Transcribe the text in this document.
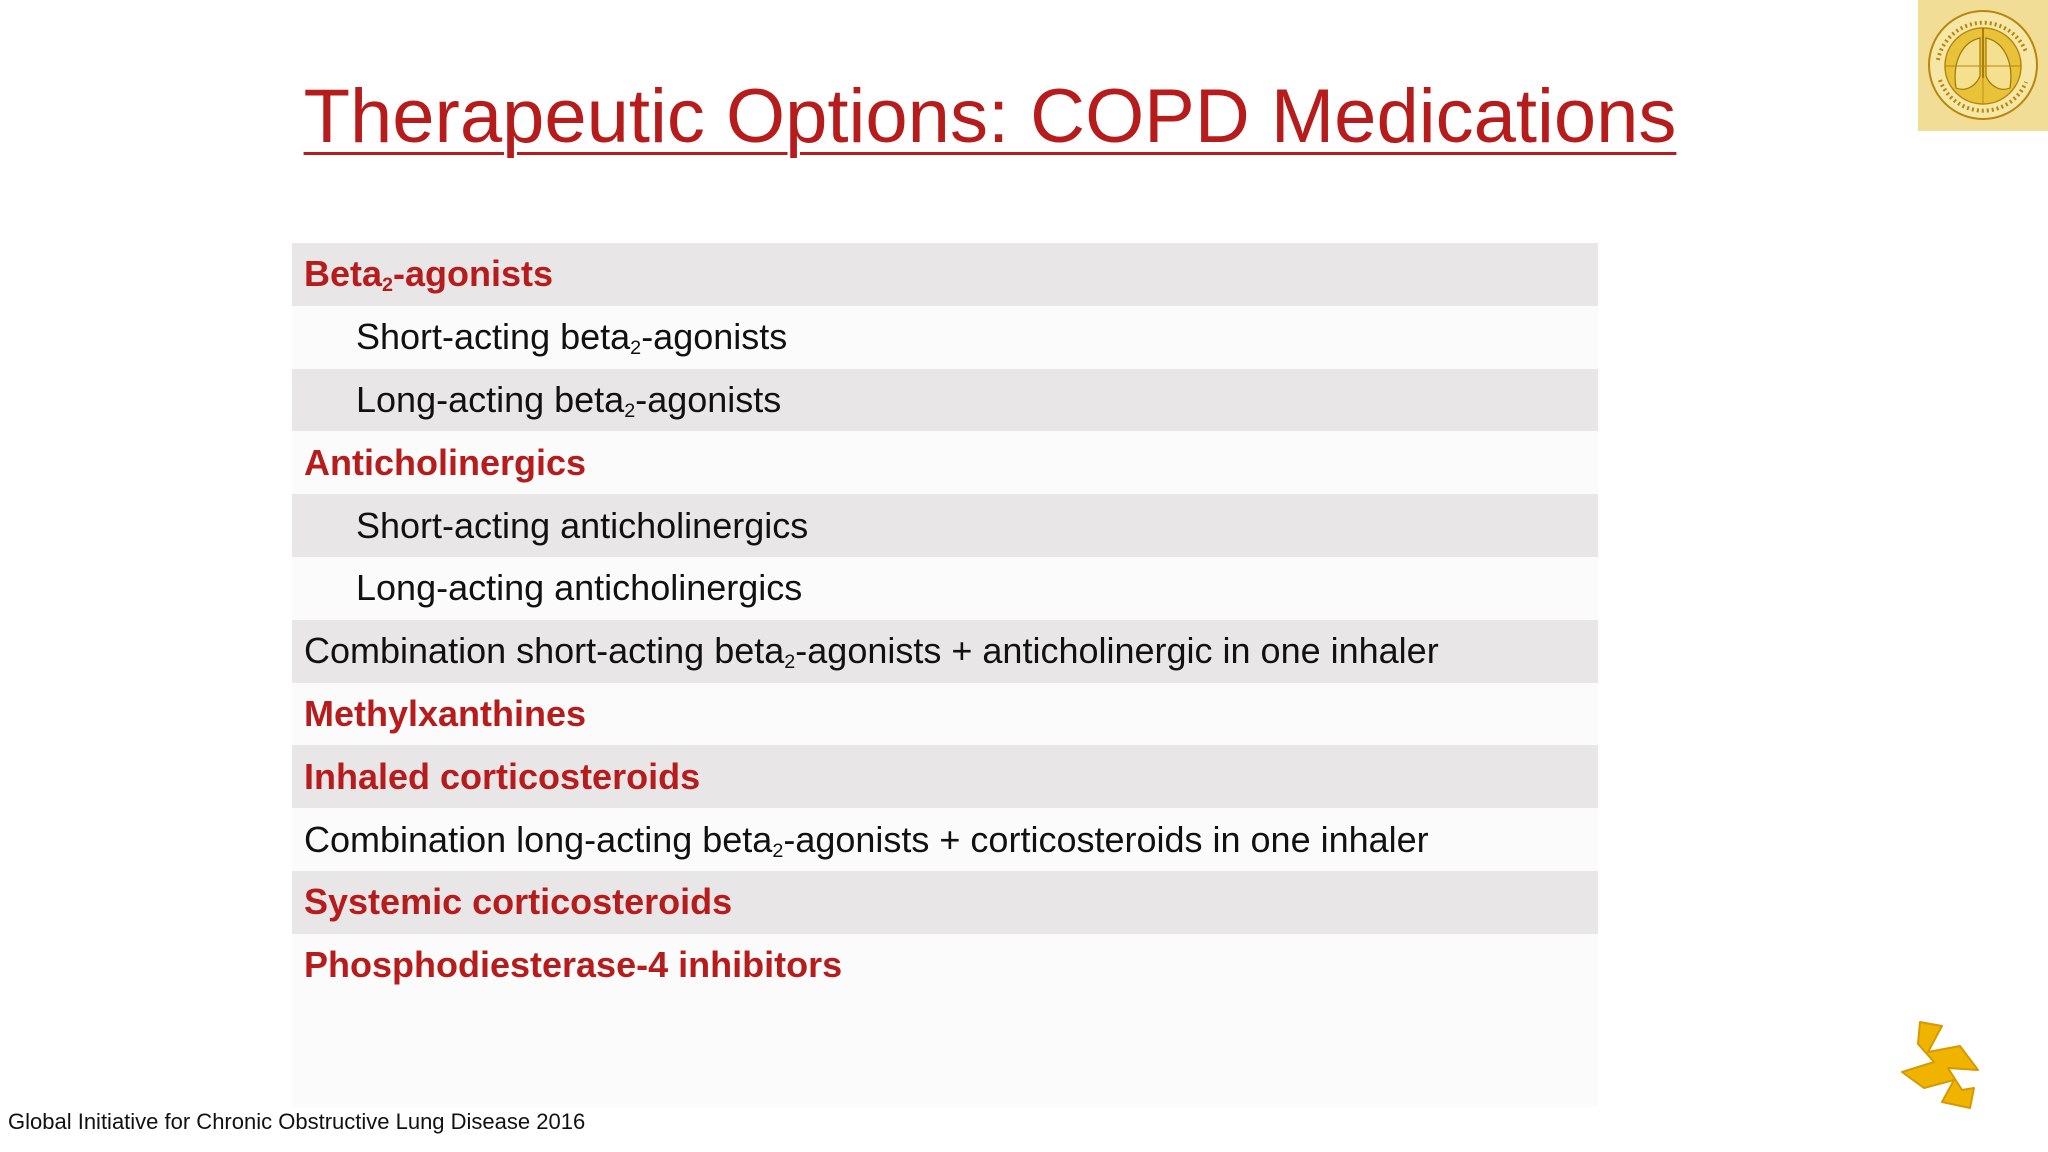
Therapeutic Options: COPD Medications
Beta$_2$-agonists
Short-acting beta$_2$-agonists
Long-acting beta$_2$-agonists
Anticholinergics
Short-acting anticholinergics
Long-acting anticholinergics
Combination short-acting beta$_2$-agonists + anticholinergic in one inhaler
Methylxanthines
Inhaled corticosteroids
Combination long-acting beta$_2$-agonists + corticosteroids in one inhaler
Systemic corticosteroids
Phosphodiesterase-4 inhibitors
Global Initiative for Chronic Obstructive Lung Disease 2016
